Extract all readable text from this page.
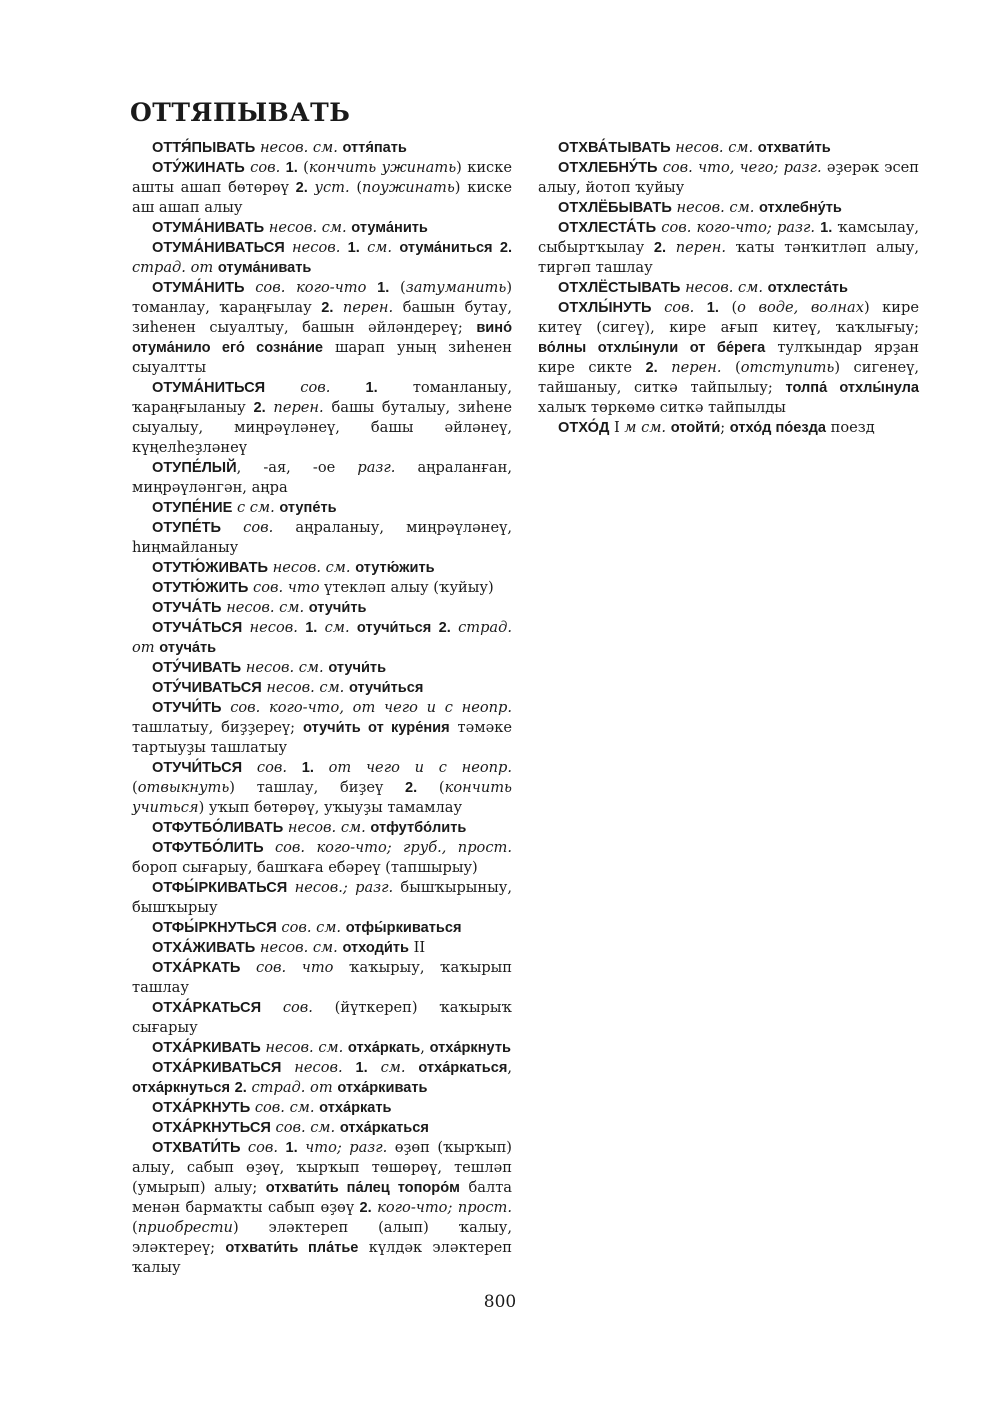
ОТТЯПЫВАТЬ
ОТТЯ́ПЫВАТЬ несов. см. оття́пать
ОТУ́ЖИНАТЬ сов. 1. (кончить ужинать) киске ашты ашап бөтөрөү 2. уст. (поужинать) киске аш ашап алыу
ОТУМА́НИВАТЬ несов. см. отума́нить
ОТУМА́НИВАТЬСЯ несов. 1. см. отума́ниться 2. страд. от отума́нивать
ОТУМА́НИТЬ сов. кого-что 1. (затуманить) томанлау, ҡараңғылау 2. перен. башын бутау, зиһенен сыуалтыу, башын әйләндереү; вино́ отума́нило его́ созна́ние шарап уның зиһенен сыуалтты
ОТУМА́НИТЬСЯ сов. 1. томанланыу, ҡараңғыланыу 2. перен. башы буталыу, зиһене сыуалыу, миңрәүләнеү, башы әйләнеү, күңелһеҙләнеү
ОТУПЕ́ЛЫЙ, -ая, -ое разг. аңраланған, миңрәүләнгән, аңра
ОТУПЕ́НИЕ с см. отупе́ть
ОТУПЕ́ТЬ сов. аңраланыу, миңрәүләнеү, һиңмайланыу
ОТУТЮ́ЖИВАТЬ несов. см. отутю́жить
ОТУТЮ́ЖИТЬ сов. что үтекләп алыу (ҡуйыу)
ОТУЧА́ТЬ несов. см. отучи́ть
ОТУЧА́ТЬСЯ несов. 1. см. отучи́ться 2. страд. от отуча́ть
ОТУ́ЧИВАТЬ несов. см. отучи́ть
ОТУ́ЧИВАТЬСЯ несов. см. отучи́ться
ОТУЧИ́ТЬ сов. кого-что, от чего и с неопр. ташлатыу, биҙҙереү; отучи́ть от куре́ния тәмәке тартыуҙы ташлатыу
ОТУЧИ́ТЬСЯ сов. 1. от чего и с неопр. (отвыкнуть) ташлау, биҙеү 2. (кончить учиться) уҡып бөтөрөү, уҡыуҙы тамамлау
ОТФУТБО́ЛИВАТЬ несов. см. отфутбо́лить
ОТФУТБО́ЛИТЬ сов. кого-что; груб., прост. бороп сығарыу, башҡаға ебәреү (тапшырыу)
ОТФЫ́РКИВАТЬСЯ несов.; разг. бышҡырыныу, бышҡырыу
ОТФЫ́РКНУТЬСЯ сов. см. отфы́ркиваться
ОТХА́ЖИВАТЬ несов. см. отходи́ть II
ОТХА́РКАТЬ сов. что ҡаҡырыу, ҡаҡырып ташлау
ОТХА́РКАТЬСЯ сов. (йүткереп) ҡаҡырыҡ сығарыу
ОТХА́РКИВАТЬ несов. см. отха́ркать, отха́ркнуть
ОТХА́РКИВАТЬСЯ несов. 1. см. отха́ркаться, отха́ркнуться 2. страд. от отха́ркивать
ОТХА́РКНУТЬ сов. см. отха́ркать
ОТХА́РКНУТЬСЯ сов. см. отха́ркаться
ОТХВАТИ́ТЬ сов. 1. что; разг. өҙөп (ҡырҡып) алыу, сабып өҙөү, ҡырҡып төшөрөү, тешләп (умырып) алыу; отхвати́ть па́лец топоро́м балта менән бармаҡты сабып өҙөү 2. кого-что; прост. (приобрести) эләктереп (алып) ҡалыу, эләктереү; отхвати́ть пла́тье күлдәк эләктереп ҡалыу
ОТХВА́ТЫВАТЬ несов. см. отхвати́ть
ОТХЛЕБНУ́ТЬ сов. что, чего; разг. әҙерәк эсеп алыу, йотоп ҡуйыу
ОТХЛЁБЫВАТЬ несов. см. отхлебну́ть
ОТХЛЕСТА́ТЬ сов. кого-что; разг. 1. ҡамсылау, сыбыртҡылау 2. перен. ҡаты тәнҡитләп алыу, тиргәп ташлау
ОТХЛЁСТЫВАТЬ несов. см. отхлеста́ть
ОТХЛЫ́НУТЬ сов. 1. (о воде, волнах) кире китеү (сигеү), кире ағып китеү, ҡаҡлығыу; во́лны отхлы́нули от бе́рега тулҡындар ярҙан кире сикте 2. перен. (отступить) сигенеү, тайшаныу, ситкә тайпылыу; толпа́ отхлы́нула халыҡ төркөмө ситкә тайпылды
ОТХО́Д I м см. отойти́; отхо́д по́езда поезд
800
